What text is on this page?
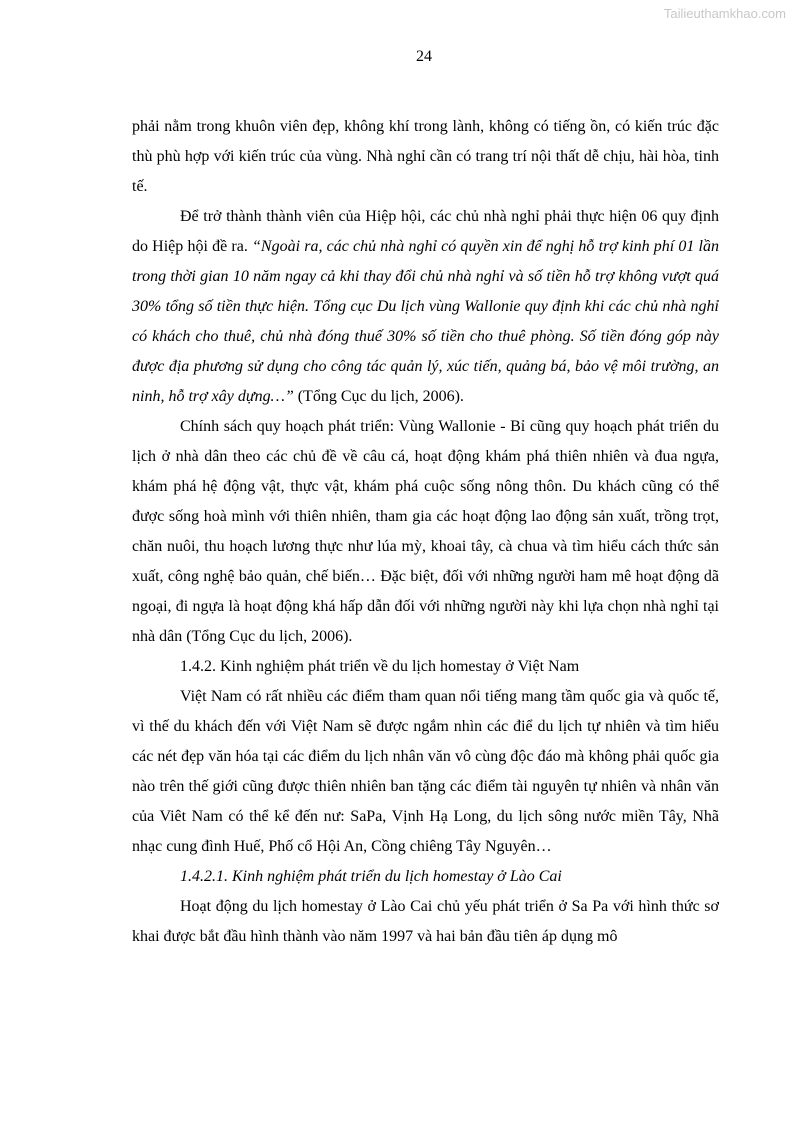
Tailieuthamkhao.com
24

phải nằm trong khuôn viên đẹp, không khí trong lành, không có tiếng ồn, có kiến trúc đặc thù phù hợp với kiến trúc của vùng. Nhà nghỉ cần có trang trí nội thất dễ chịu, hài hòa, tinh tế.

Để trở thành thành viên của Hiệp hội, các chủ nhà nghỉ phải thực hiện 06 quy định do Hiệp hội đề ra. “Ngoài ra, các chủ nhà nghỉ có quyền xin để nghị hỗ trợ kinh phí 01 lần trong thời gian 10 năm ngay cả khi thay đổi chủ nhà nghỉ và số tiền hỗ trợ không vượt quá 30% tổng số tiền thực hiện. Tổng cục Du lịch vùng Wallonie quy định khi các chủ nhà nghỉ có khách cho thuê, chủ nhà đóng thuế 30% số tiền cho thuê phòng. Số tiền đóng góp này được địa phương sử dụng cho công tác quản lý, xúc tiến, quảng bá, bảo vệ môi trường, an ninh, hỗ trợ xây dựng…” (Tổng Cục du lịch, 2006).

Chính sách quy hoạch phát triển: Vùng Wallonie - Bỉ cũng quy hoạch phát triển du lịch ở nhà dân theo các chủ đề về câu cá, hoạt động khám phá thiên nhiên và đua ngựa, khám phá hệ động vật, thực vật, khám phá cuộc sống nông thôn. Du khách cũng có thể được sống hoà mình với thiên nhiên, tham gia các hoạt động lao động sản xuất, trồng trọt, chăn nuôi, thu hoạch lương thực như lúa mỳ, khoai tây, cà chua và tìm hiểu cách thức sản xuất, công nghệ bảo quản, chế biến… Đặc biệt, đối với những người ham mê hoạt động dã ngoại, đi ngựa là hoạt động khá hấp dẫn đối với những người này khi lựa chọn nhà nghỉ tại nhà dân (Tổng Cục du lịch, 2006).

1.4.2. Kinh nghiệm phát triển về du lịch homestay ở Việt Nam

Việt Nam có rất nhiều các điểm tham quan nổi tiếng mang tầm quốc gia và quốc tế, vì thế du khách đến với Việt Nam sẽ được ngắm nhìn các điể du lịch tự nhiên và tìm hiểu các nét đẹp văn hóa tại các điểm du lịch nhân văn vô cùng độc đáo mà không phải quốc gia nào trên thế giới cũng được thiên nhiên ban tặng các điểm tài nguyên tự nhiên và nhân văn của Viêt Nam có thể kể đến nư: SaPa, Vịnh Hạ Long, du lịch sông nước miền Tây, Nhã nhạc cung đình Huế, Phố cổ Hội An, Cồng chiêng Tây Nguyên…

1.4.2.1. Kinh nghiệm phát triển du lịch homestay ở Lào Cai

Hoạt động du lịch homestay ở Lào Cai chủ yếu phát triển ở Sa Pa với hình thức sơ khai được bắt đầu hình thành vào năm 1997 và hai bản đầu tiên áp dụng mô
